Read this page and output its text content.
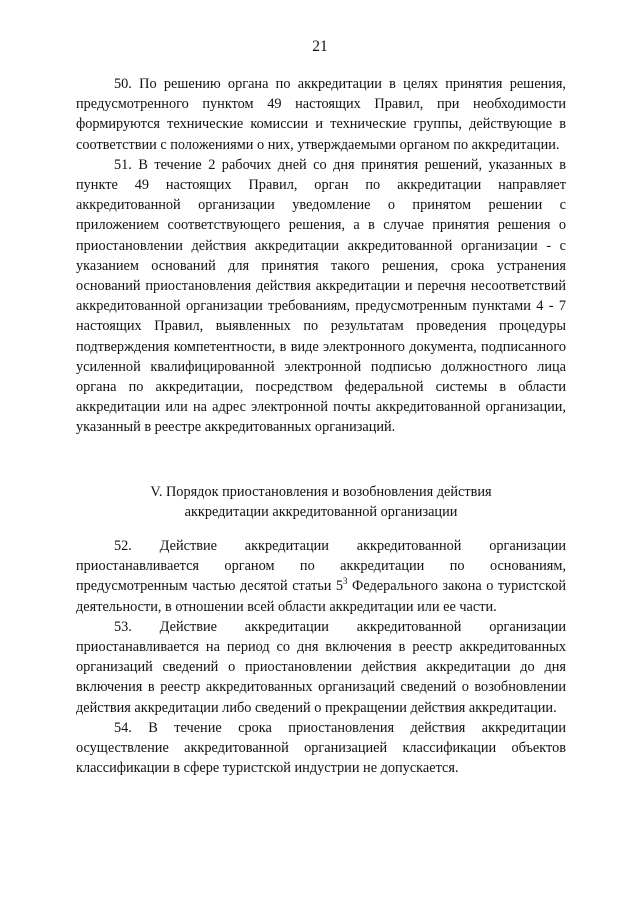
21

50. По решению органа по аккредитации в целях принятия решения, предусмотренного пунктом 49 настоящих Правил, при необходимости формируются технические комиссии и технические группы, действующие в соответствии с положениями о них, утверждаемыми органом по аккредитации.

51. В течение 2 рабочих дней со дня принятия решений, указанных в пункте 49 настоящих Правил, орган по аккредитации направляет аккредитованной организации уведомление о принятом решении с приложением соответствующего решения, а в случае принятия решения о приостановлении действия аккредитации аккредитованной организации - с указанием оснований для принятия такого решения, срока устранения оснований приостановления действия аккредитации и перечня несоответствий аккредитованной организации требованиям, предусмотренным пунктами 4 - 7 настоящих Правил, выявленных по результатам проведения процедуры подтверждения компетентности, в виде электронного документа, подписанного усиленной квалифицированной электронной подписью должностного лица органа по аккредитации, посредством федеральной системы в области аккредитации или на адрес электронной почты аккредитованной организации, указанный в реестре аккредитованных организаций.

V. Порядок приостановления и возобновления действия
аккредитации аккредитованной организации

52. Действие аккредитации аккредитованной организации приостанавливается органом по аккредитации по основаниям, предусмотренным частью десятой статьи $5^3$ Федерального закона о туристской деятельности, в отношении всей области аккредитации или ее части.

53. Действие аккредитации аккредитованной организации приостанавливается на период со дня включения в реестр аккредитованных организаций сведений о приостановлении действия аккредитации до дня включения в реестр аккредитованных организаций сведений о возобновлении действия аккредитации либо сведений о прекращении действия аккредитации.

54. В течение срока приостановления действия аккредитации осуществление аккредитованной организацией классификации объектов классификации в сфере туристской индустрии не допускается.
